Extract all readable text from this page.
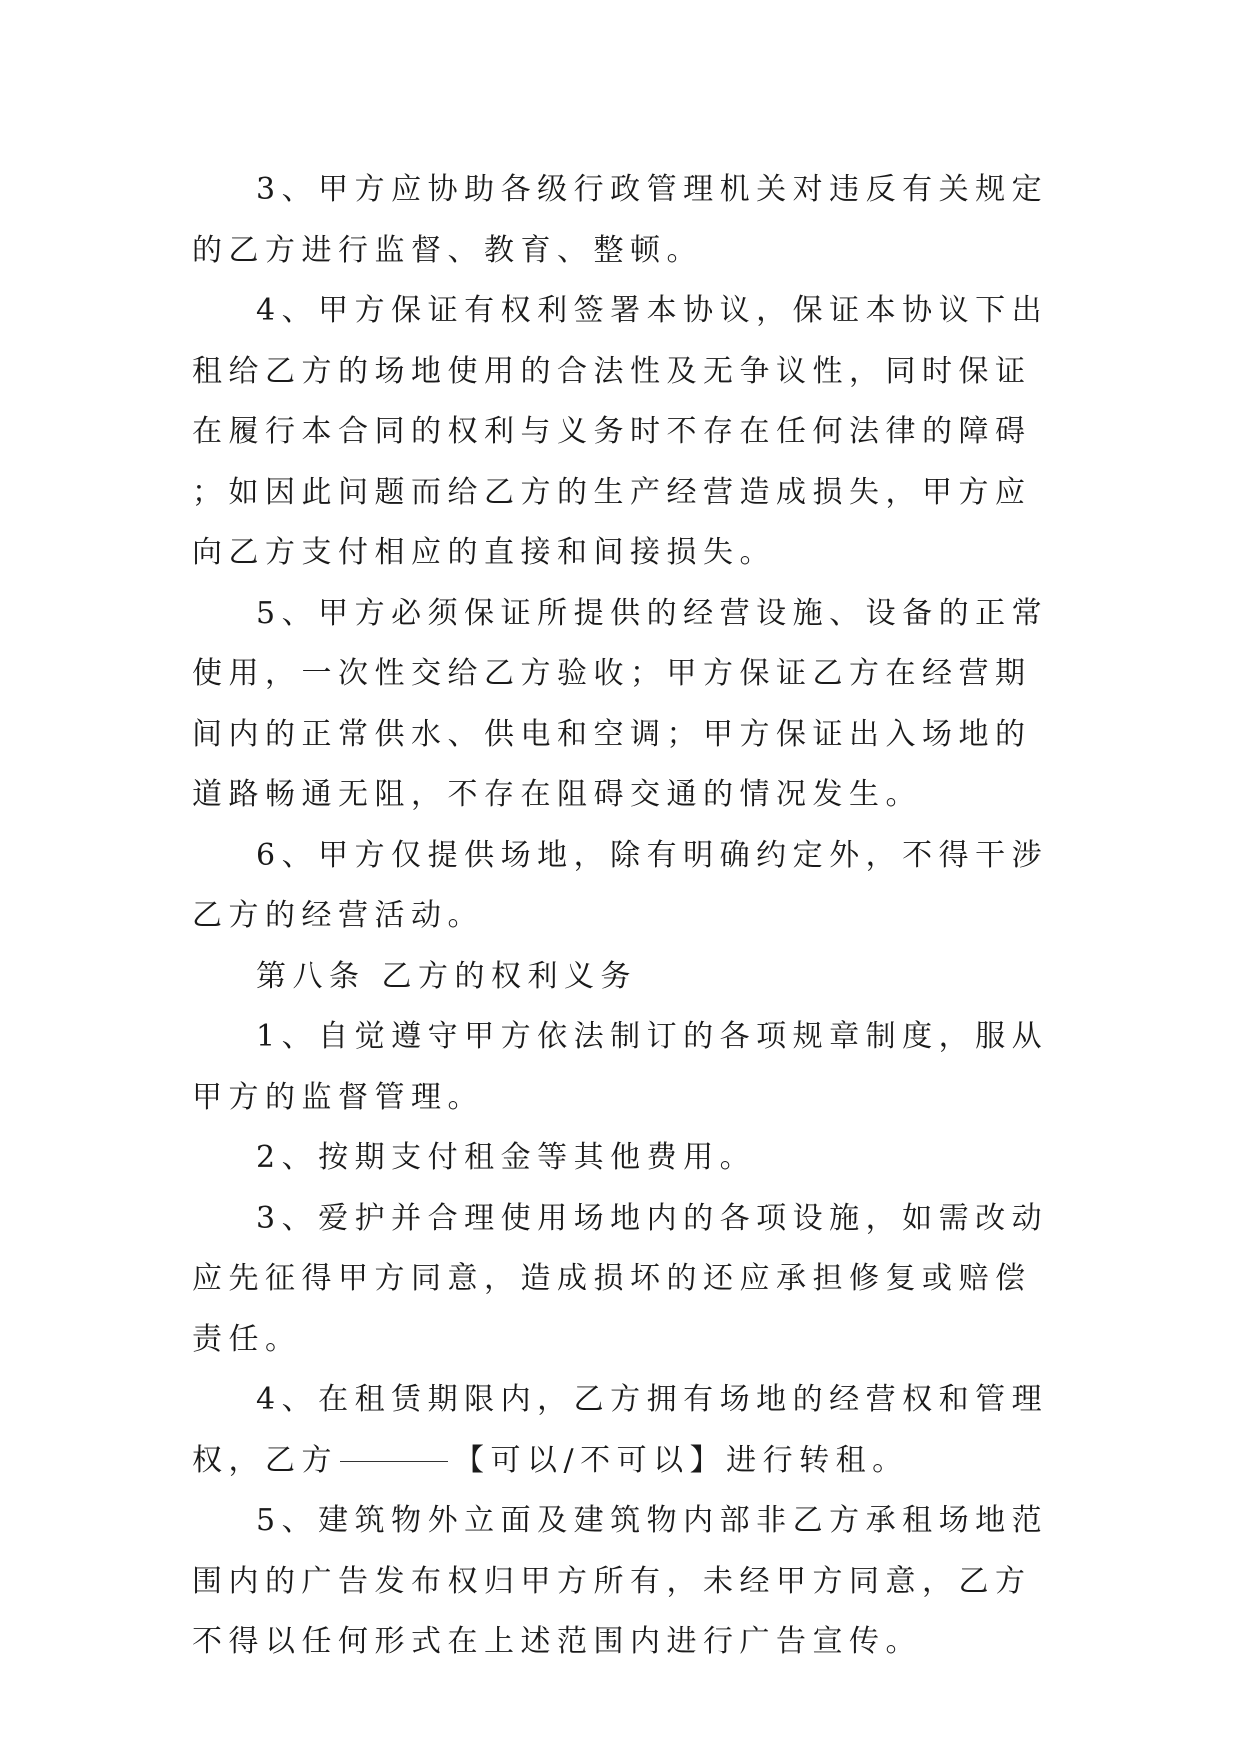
3、甲方应协助各级行政管理机关对违反有关规定的乙方进行监督、教育、整顿。

4、甲方保证有权利签署本协议，保证本协议下出租给乙方的场地使用的合法性及无争议性，同时保证在履行本合同的权利与义务时不存在任何法律的障碍；如因此问题而给乙方的生产经营造成损失，甲方应向乙方支付相应的直接和间接损失。

5、甲方必须保证所提供的经营设施、设备的正常使用，一次性交给乙方验收；甲方保证乙方在经营期间内的正常供水、供电和空调；甲方保证出入场地的道路畅通无阻，不存在阻碍交通的情况发生。

6、甲方仅提供场地，除有明确约定外，不得干涉乙方的经营活动。

第八条 乙方的权利义务

1、自觉遵守甲方依法制订的各项规章制度，服从甲方的监督管理。

2、按期支付租金等其他费用。

3、爱护并合理使用场地内的各项设施，如需改动应先征得甲方同意，造成损坏的还应承担修复或赔偿责任。

4、在租赁期限内，乙方拥有场地的经营权和管理权，乙方	【可以/不可以】进行转租。

5、建筑物外立面及建筑物内部非乙方承租场地范围内的广告发布权归甲方所有，未经甲方同意，乙方不得以任何形式在上述范围内进行广告宣传。
